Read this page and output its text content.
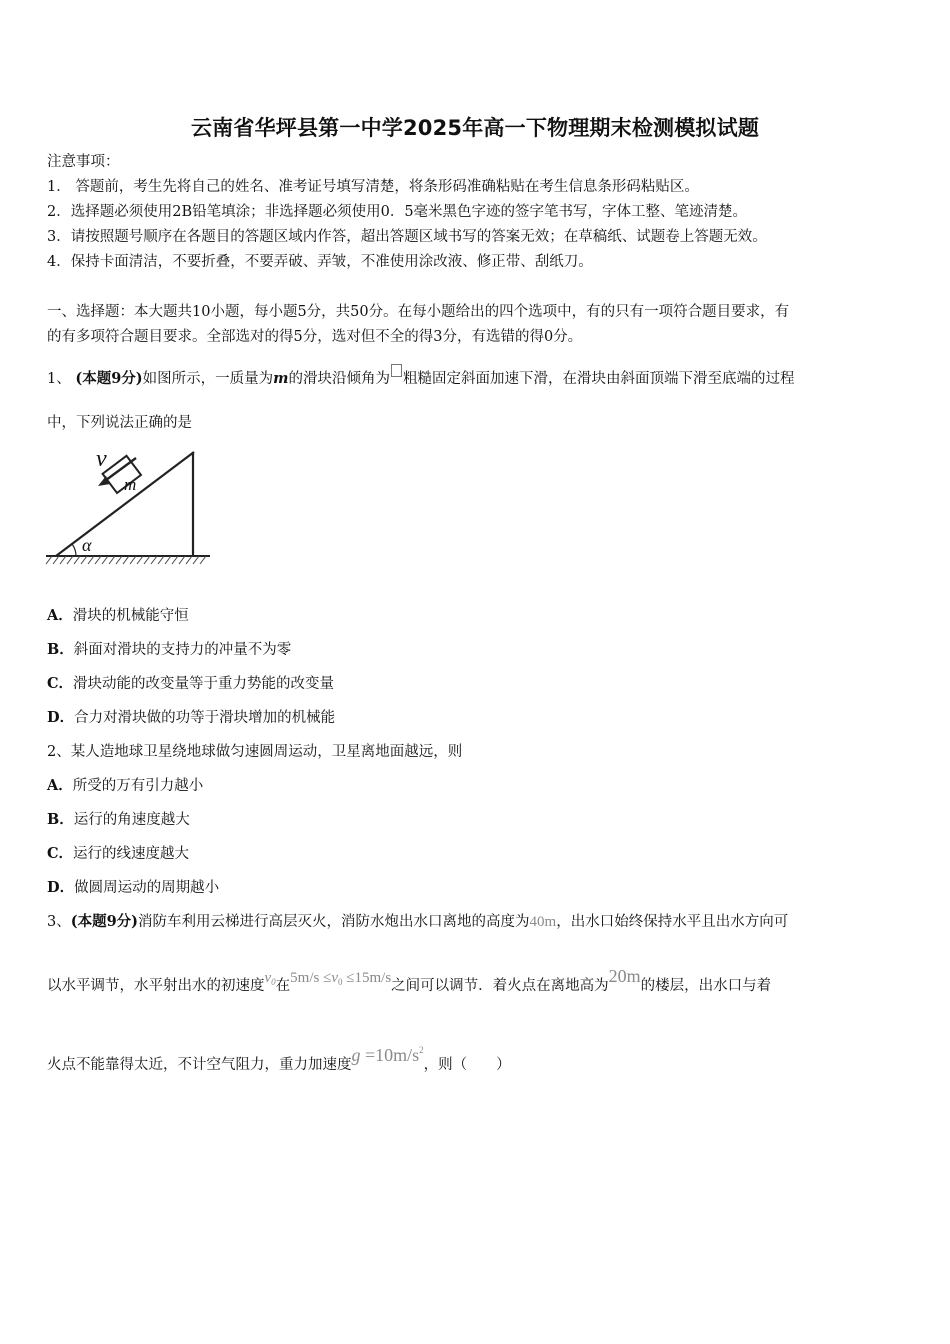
云南省华坪县第一中学2025年高一下物理期末检测模拟试题
注意事项：
1． 答题前，考生先将自己的姓名、准考证号填写清楚，将条形码准确粘贴在考生信息条形码粘贴区。
2．选择题必须使用2B铅笔填涂；非选择题必须使用0．5毫米黑色字迹的签字笔书写，字体工整、笔迹清楚。
3．请按照题号顺序在各题目的答题区域内作答，超出答题区域书写的答案无效；在草稿纸、试题卷上答题无效。
4．保持卡面清洁，不要折叠，不要弄破、弄皱，不准使用涂改液、修正带、刮纸刀。
一、选择题：本大题共10小题，每小题5分，共50分。在每小题给出的四个选项中，有的只有一项符合题目要求，有
的有多项符合题目要求。全部选对的得5分，选对但不全的得3分，有选错的得0分。
1、 (本题9分)如图所示，一质量为m的滑块沿倾角为 粗糙固定斜面加速下滑，在滑块由斜面顶端下滑至底端的过程
中，下列说法正确的是
α
m
v
A．滑块的机械能守恒
B．斜面对滑块的支持力的冲量不为零
C．滑块动能的改变量等于重力势能的改变量
D．合力对滑块做的功等于滑块增加的机械能
2、某人造地球卫星绕地球做匀速圆周运动，卫星离地面越远，则
A．所受的万有引力越小
B．运行的角速度越大
C．运行的线速度越大
D．做圆周运动的周期越小
3、(本题9分)消防车利用云梯进行高层灭火，消防水炮出水口离地的高度为40m，出水口始终保持水平且出水方向可
以水平调节，水平射出水的初速度$v_0$在$5m/s \le v_0 \le 15m/s$之间可以调节．着火点在离地高为20m的楼层，出水口与着
火点不能靠得太近，不计空气阻力，重力加速度$g =10m/s^2$，则（　　）
